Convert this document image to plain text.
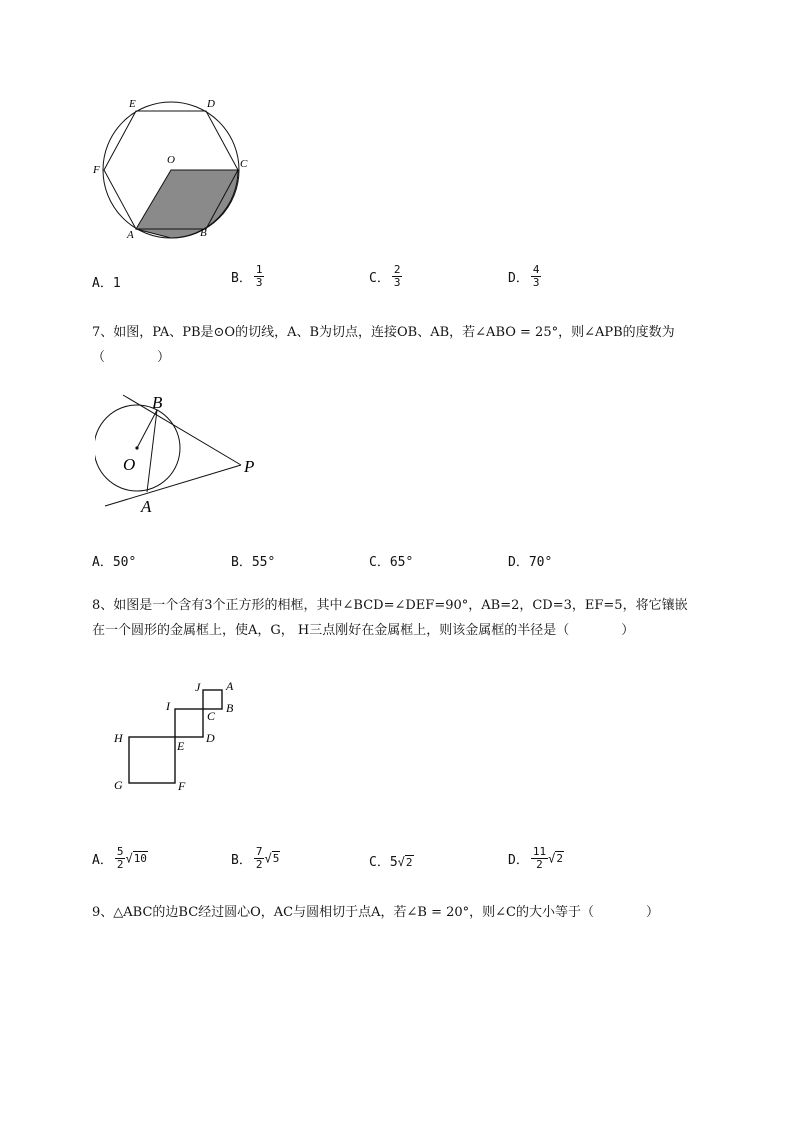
E	D
F
O	C
A	B
A．1	B． $\frac{1}{3}$	C． $\frac{2}{3}$	D． $\frac{4}{3}$
7、如图，PA、PB是⊙O的切线，A、B为切点，连接OB、AB，若∠ABO = 25°，则∠APB的度数为
（　　　　）
B
O	P
A
A．50°	B．55°	C．65°	D．70°
8、如图是一个含有3个正方形的相框，其中∠BCD=∠DEF=90°，AB=2，CD=3，EF=5，将它镶嵌
在一个圆形的金属框上，使A，G， H三点刚好在金属框上，则该金属框的半径是（　　　　）
J A
I
C
B
H
E
D
G	F
A． $\frac{5}{2} √10$	B． $\frac{7}{2} √5$	C．5√2	D． $\frac{11}{2} √2$
9、△ABC的边BC经过圆心O，AC与圆相切于点A，若∠B = 20°，则∠C的大小等于（　　　　）
